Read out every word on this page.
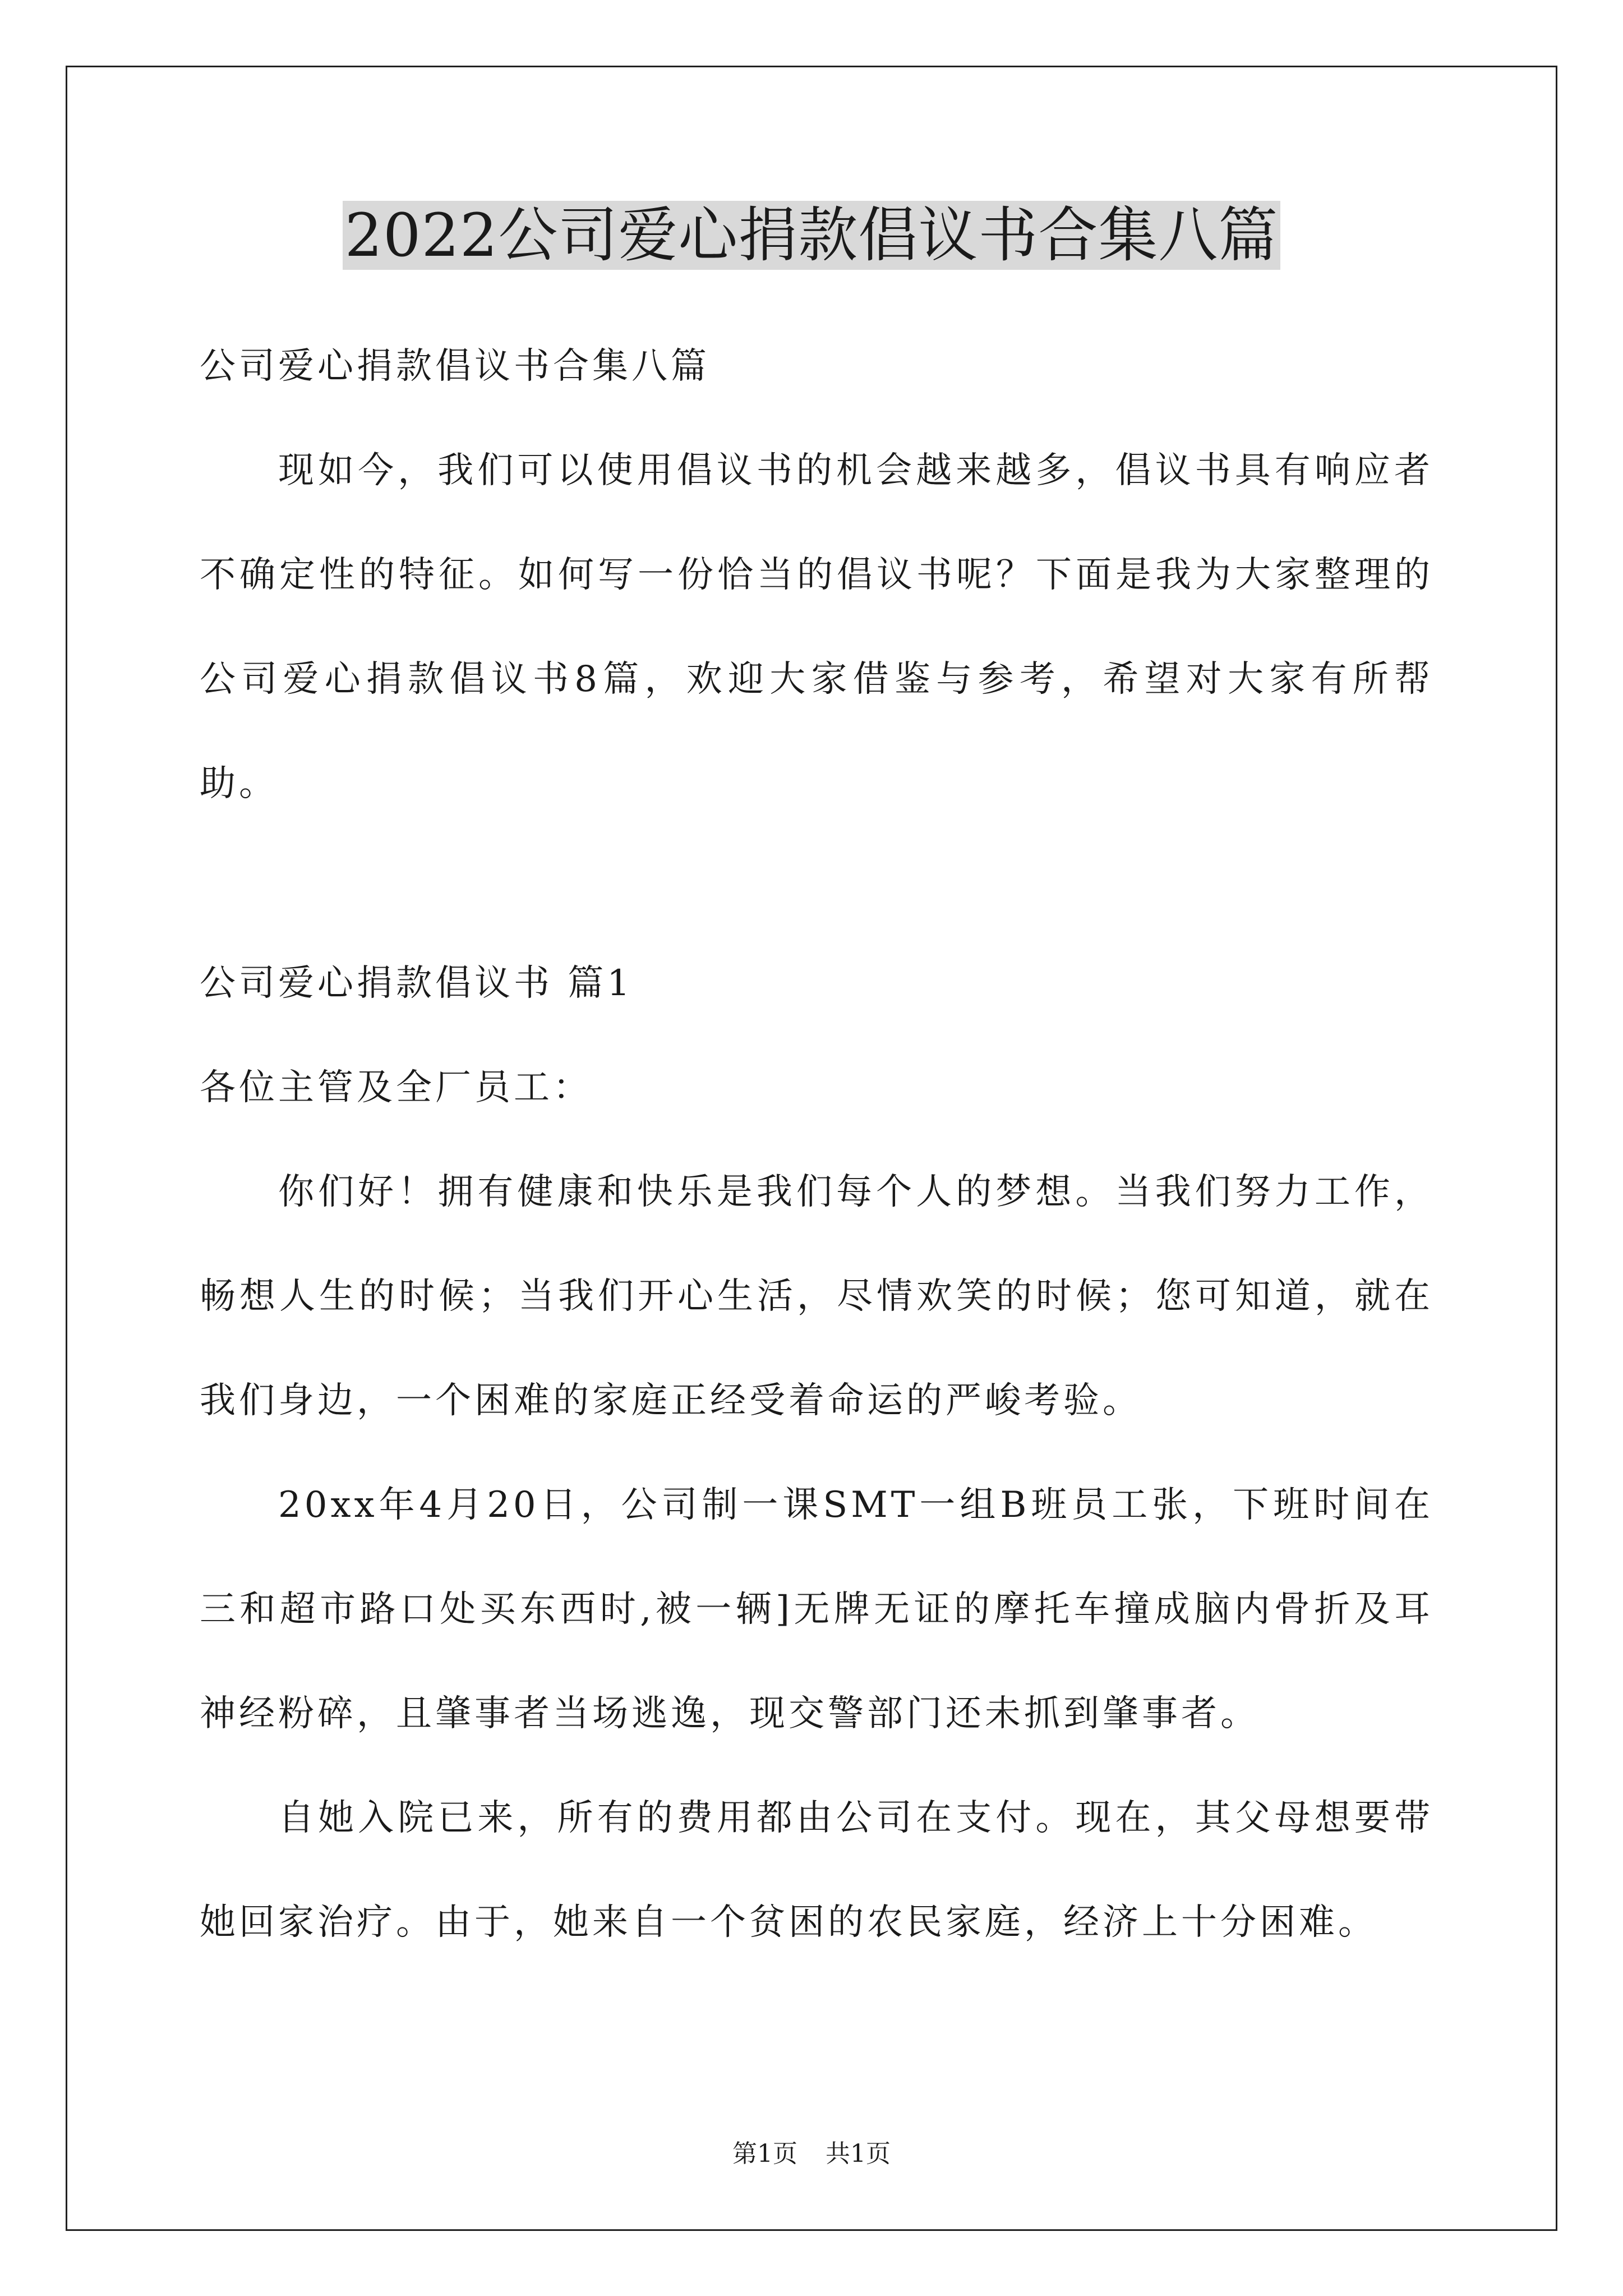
2022公司爱心捐款倡议书合集八篇
公司爱心捐款倡议书合集八篇
现如今，我们可以使用倡议书的机会越来越多，倡议书具有响应者不确定性的特征。如何写一份恰当的倡议书呢？下面是我为大家整理的公司爱心捐款倡议书8篇，欢迎大家借鉴与参考，希望对大家有所帮助。
公司爱心捐款倡议书 篇1
各位主管及全厂员工：
你们好！拥有健康和快乐是我们每个人的梦想。当我们努力工作，畅想人生的时候；当我们开心生活，尽情欢笑的时候；您可知道，就在我们身边，一个困难的家庭正经受着命运的严峻考验。
20xx年4月20日，公司制一课SMT一组B班员工张，下班时间在三和超市路口处买东西时,被一辆]无牌无证的摩托车撞成脑内骨折及耳神经粉碎，且肇事者当场逃逸，现交警部门还未抓到肇事者。
自她入院已来，所有的费用都由公司在支付。现在，其父母想要带她回家治疗。由于，她来自一个贫困的农民家庭，经济上十分困难。
第1页 共1页
